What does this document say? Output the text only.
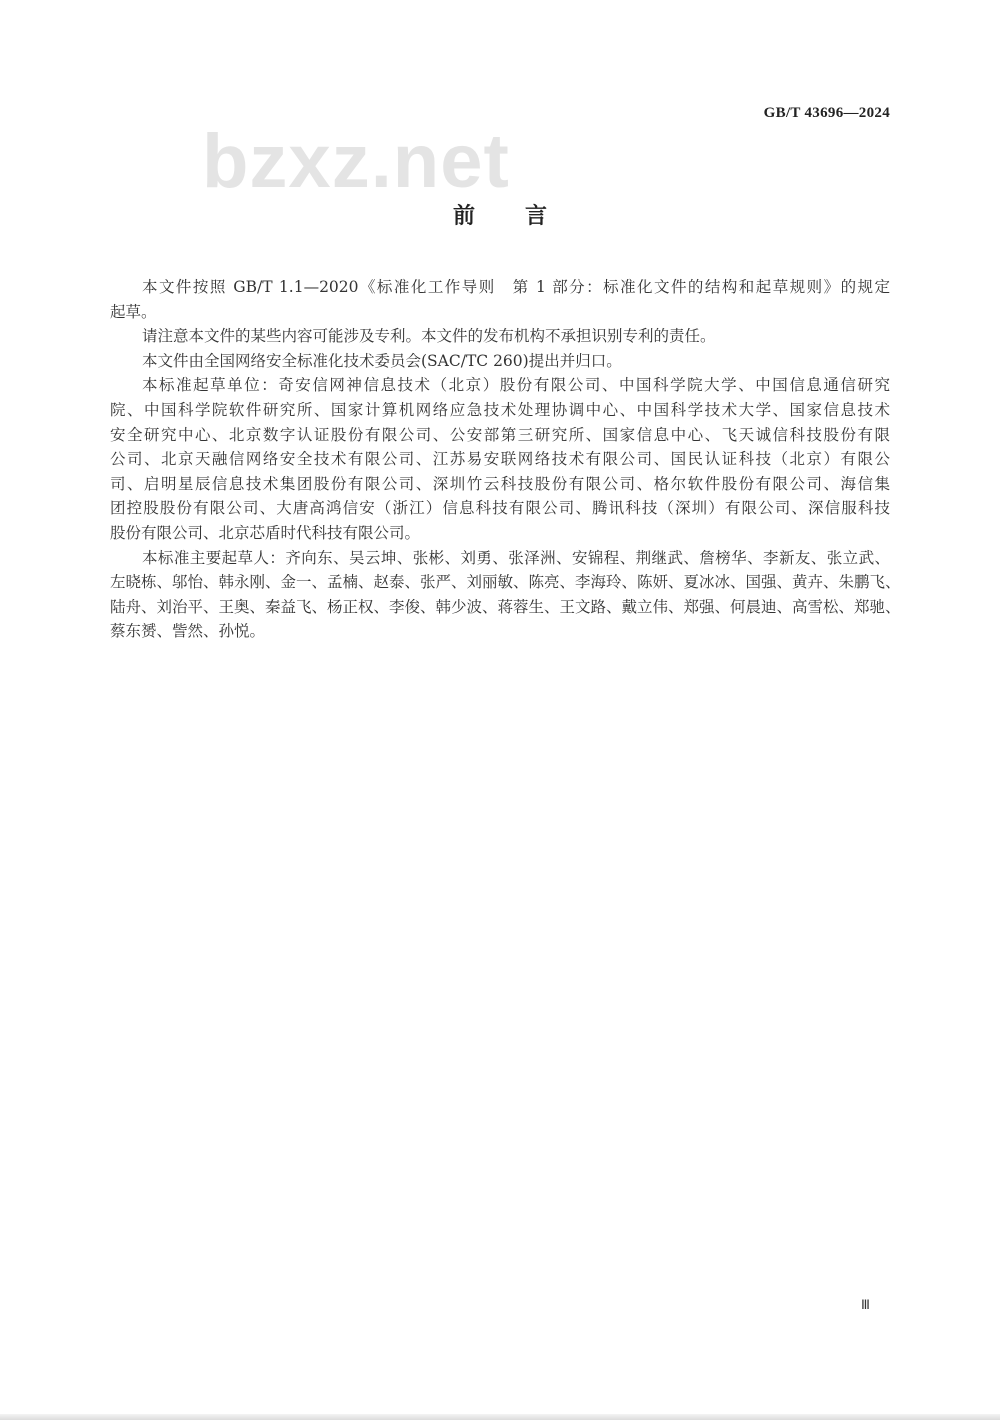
GB/T 43696—2024
bzxz.net
前言
本文件按照 GB/T 1.1—2020《标准化工作导则　第 1 部分：标准化文件的结构和起草规则》的规定
起草。
请注意本文件的某些内容可能涉及专利。本文件的发布机构不承担识别专利的责任。
本文件由全国网络安全标准化技术委员会(SAC/TC 260)提出并归口。
本标准起草单位：奇安信网神信息技术（北京）股份有限公司、中国科学院大学、中国信息通信研究
院、中国科学院软件研究所、国家计算机网络应急技术处理协调中心、中国科学技术大学、国家信息技术
安全研究中心、北京数字认证股份有限公司、公安部第三研究所、国家信息中心、飞天诚信科技股份有限
公司、北京天融信网络安全技术有限公司、江苏易安联网络技术有限公司、国民认证科技（北京）有限公
司、启明星辰信息技术集团股份有限公司、深圳竹云科技股份有限公司、格尔软件股份有限公司、海信集
团控股股份有限公司、大唐高鸿信安（浙江）信息科技有限公司、腾讯科技（深圳）有限公司、深信服科技
股份有限公司、北京芯盾时代科技有限公司。
本标准主要起草人：齐向东、吴云坤、张彬、刘勇、张泽洲、安锦程、荆继武、詹榜华、李新友、张立武、
左晓栋、邬怡、韩永刚、金一、孟楠、赵泰、张严、刘丽敏、陈亮、李海玲、陈妍、夏冰冰、国强、黄卉、朱鹏飞、
陆舟、刘治平、王奥、秦益飞、杨正权、李俊、韩少波、蒋蓉生、王文路、戴立伟、郑强、何晨迪、高雪松、郑驰、
蔡东赟、訾然、孙悦。
Ⅲ
